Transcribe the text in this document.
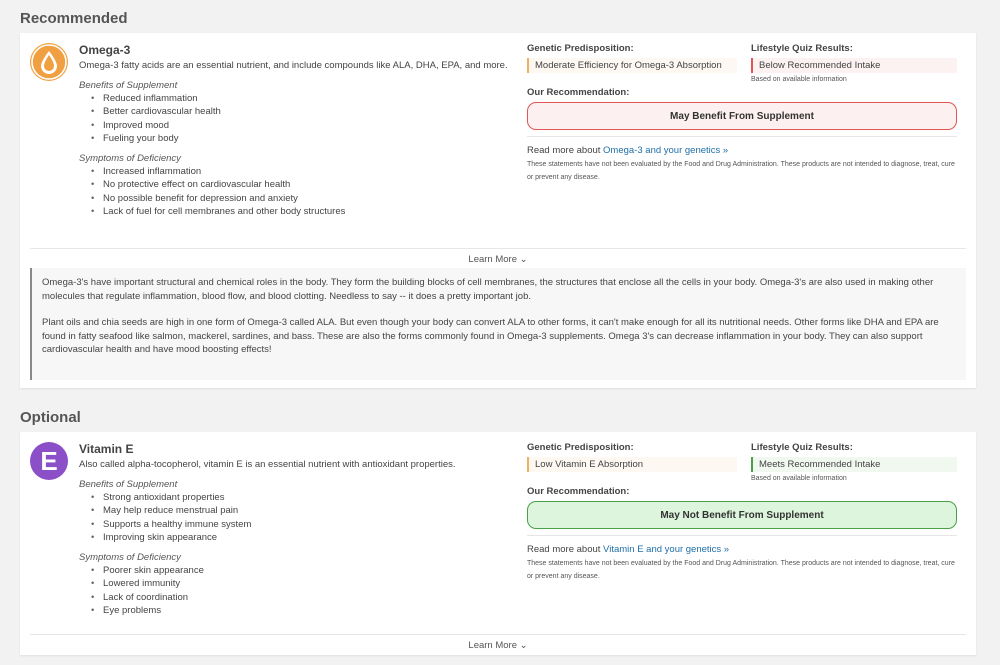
Recommended
Omega-3
Omega-3 fatty acids are an essential nutrient, and include compounds like ALA, DHA, EPA, and more.
Benefits of Supplement
• Reduced inflammation
• Better cardiovascular health
• Improved mood
• Fueling your body
Symptoms of Deficiency
• Increased inflammation
• No protective effect on cardiovascular health
• No possible benefit for depression and anxiety
• Lack of fuel for cell membranes and other body structures
Genetic Predisposition:
Moderate Efficiency for Omega-3 Absorption
Lifestyle Quiz Results:
Below Recommended Intake
Based on available information
Our Recommendation:
May Benefit From Supplement
Read more about Omega-3 and your genetics »
These statements have not been evaluated by the Food and Drug Administration. These products are not intended to diagnose, treat, cure or prevent any disease.
Learn More ⌄

Omega-3's have important structural and chemical roles in the body. They form the building blocks of cell membranes, the structures that enclose all the cells in your body. Omega-3's are also used in making other molecules that regulate inflammation, blood flow, and blood clotting. Needless to say -- it does a pretty important job.

Plant oils and chia seeds are high in one form of Omega-3 called ALA. But even though your body can convert ALA to other forms, it can't make enough for all its nutritional needs. Other forms like DHA and EPA are found in fatty seafood like salmon, mackerel, sardines, and bass. These are also the forms commonly found in Omega-3 supplements. Omega 3's can decrease inflammation in your body. They can also support cardiovascular health and have mood boosting effects!

Optional
E	Vitamin E
Also called alpha-tocopherol, vitamin E is an essential nutrient with antioxidant properties.
Benefits of Supplement
• Strong antioxidant properties
• May help reduce menstrual pain
• Supports a healthy immune system
• Improving skin appearance
Symptoms of Deficiency
• Poorer skin appearance
• Lowered immunity
• Lack of coordination
• Eye problems
Genetic Predisposition:
Low Vitamin E Absorption
Lifestyle Quiz Results:
Meets Recommended Intake
Based on available information
Our Recommendation:
May Not Benefit From Supplement
Read more about Vitamin E and your genetics »
These statements have not been evaluated by the Food and Drug Administration. These products are not intended to diagnose, treat, cure or prevent any disease.
Learn More ⌄
